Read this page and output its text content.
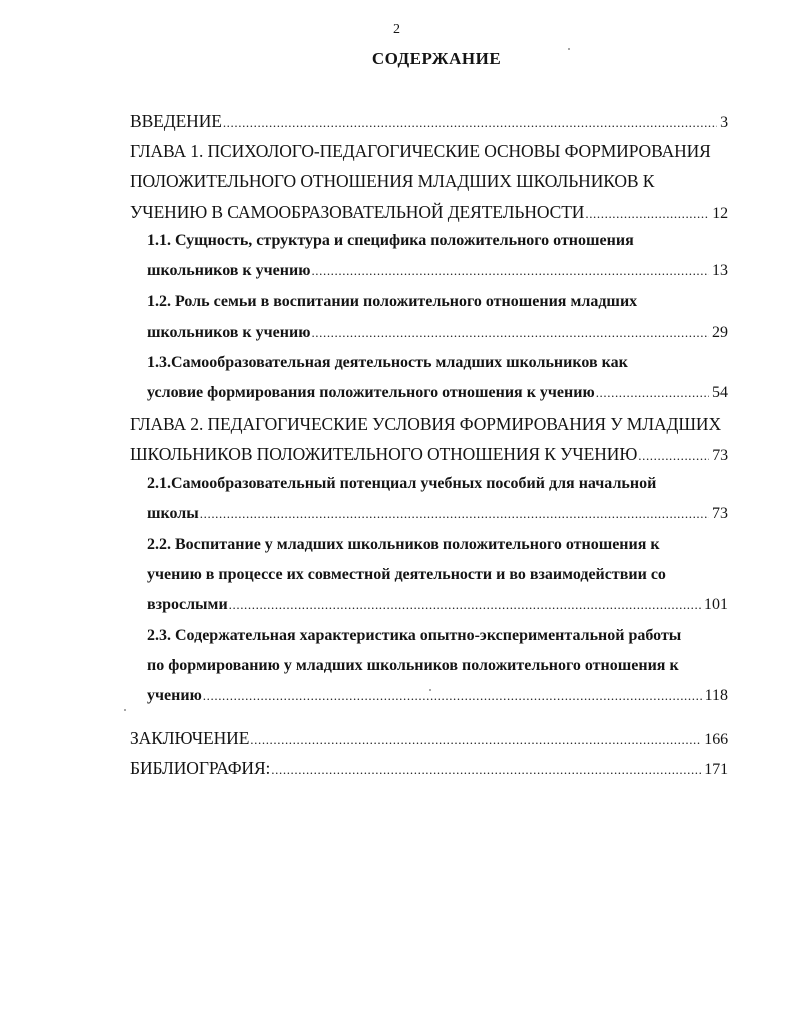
2
СОДЕРЖАНИЕ
ВВЕДЕНИЕ .....	3
ГЛАВА 1. ПСИХОЛОГО-ПЕДАГОГИЧЕСКИЕ ОСНОВЫ ФОРМИРОВАНИЯ
ПОЛОЖИТЕЛЬНОГО ОТНОШЕНИЯ МЛАДШИХ ШКОЛЬНИКОВ К
УЧЕНИЮ В САМООБРАЗОВАТЕЛЬНОЙ ДЕЯТЕЛЬНОСТИ .....	12
1.1. Сущность, структура и специфика положительного отношения
школьников к учению .....	13
1.2. Роль семьи в воспитании положительного отношения младших
школьников к учению .....	29
1.3.Самообразовательная деятельность младших школьников как
условие формирования положительного отношения к учению .....	54
ГЛАВА 2. ПЕДАГОГИЧЕСКИЕ УСЛОВИЯ ФОРМИРОВАНИЯ У МЛАДШИХ
ШКОЛЬНИКОВ ПОЛОЖИТЕЛЬНОГО ОТНОШЕНИЯ К УЧЕНИЮ .....	73
2.1.Самообразовательный потенциал учебных пособий для начальной
школы .....	73
2.2. Воспитание у младших школьников положительного отношения к
учению в процессе их совместной деятельности и во взаимодействии со
взрослыми .....	101
2.3. Содержательная характеристика опытно-экспериментальной работы
по формированию у младших школьников положительного отношения к
учению .....	118
ЗАКЛЮЧЕНИЕ .....	166
БИБЛИОГРАФИЯ: .....	171
